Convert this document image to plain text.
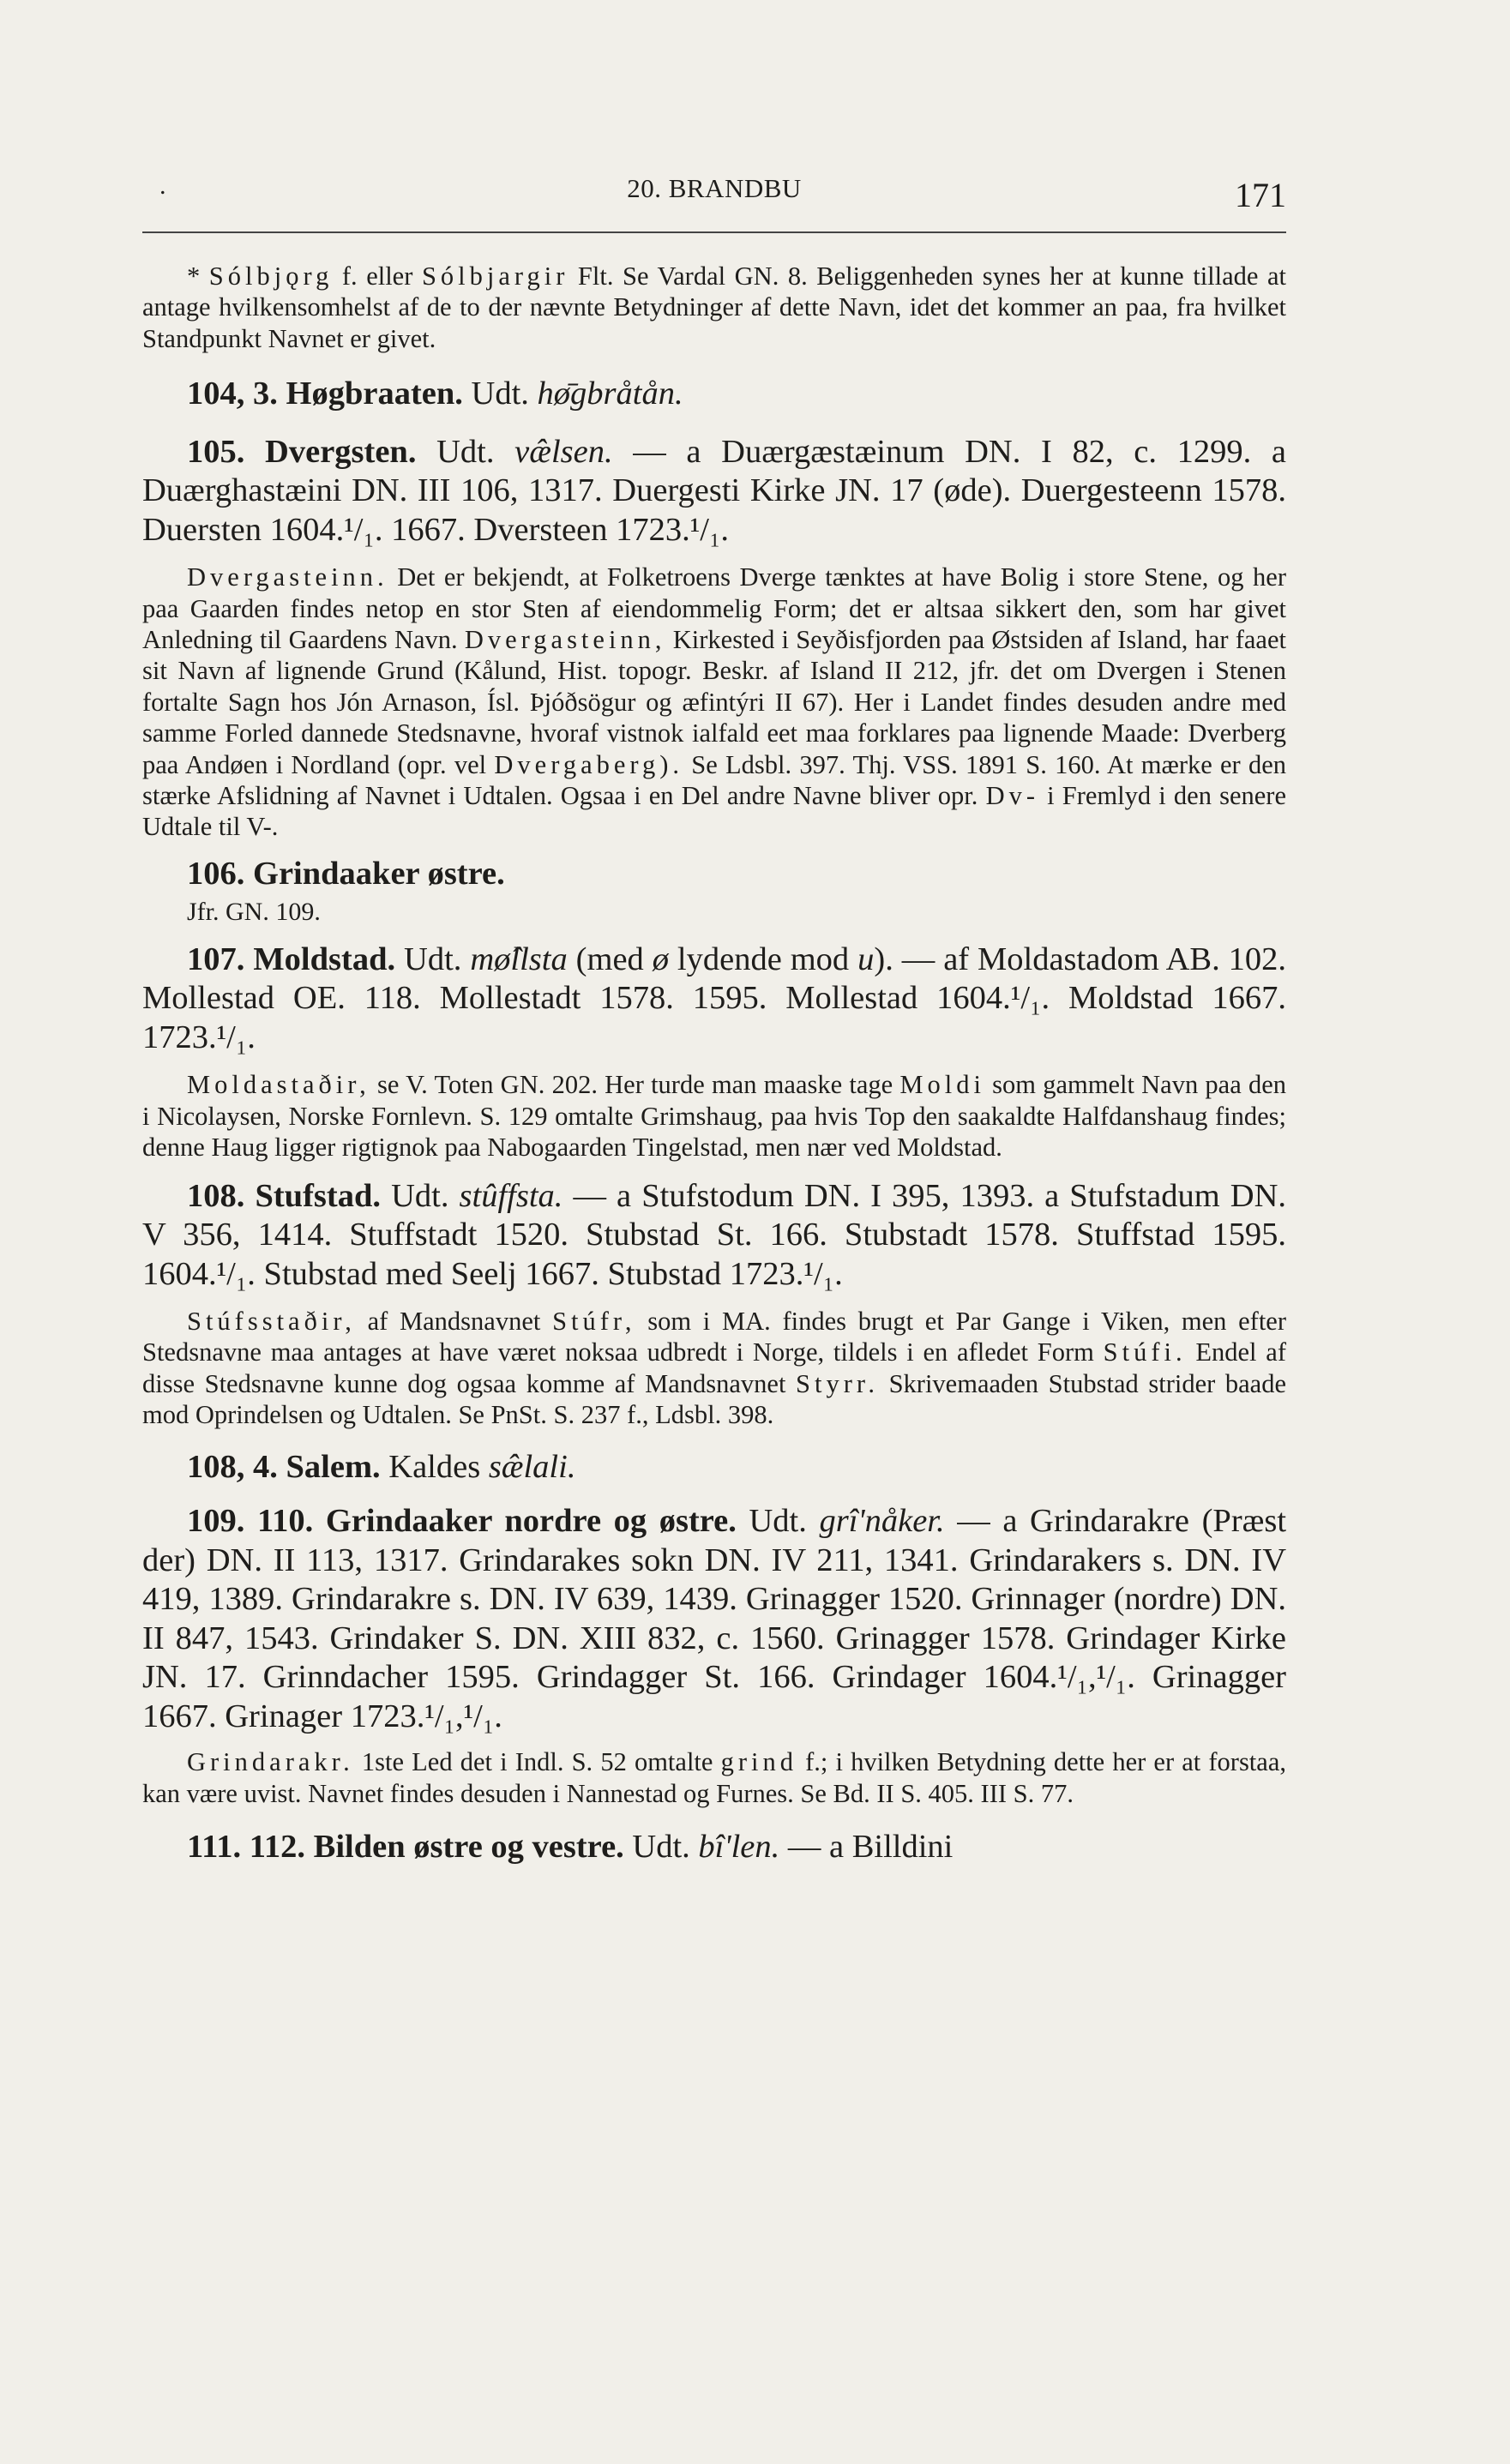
.	20. BRANDBU	171

* Sólbjǫrg f. eller Sólbjargir Flt. Se Vardal GN. 8. Beliggenheden synes her at kunne tillade at antage hvilkensomhelst af de to der nævnte Betydninger af dette Navn, idet det kommer an paa, fra hvilket Standpunkt Navnet er givet.

104, 3. Høgbraaten. Udt. hø̄gbråtån.

105. Dvergsten. Udt. væ̂lsen. — a Duærgæstæinum DN. I 82, c. 1299. a Duærghastæini DN. III 106, 1317. Duergesti Kirke JN. 17 (øde). Duergesteenn 1578. Duersten 1604.¹/₁. 1667. Dversteen 1723.¹/₁.

Dvergasteinn. Det er bekjendt, at Folketroens Dverge tænktes at have Bolig i store Stene, og her paa Gaarden findes netop en stor Sten af eiendommelig Form; det er altsaa sikkert den, som har givet Anledning til Gaardens Navn. Dvergasteinn, Kirkested i Seyðisfjorden paa Østsiden af Island, har faaet sit Navn af lignende Grund (Kålund, Hist. topogr. Beskr. af Island II 212, jfr. det om Dvergen i Stenen fortalte Sagn hos Jón Arnason, Ísl. Þjóðsögur og æfintýri II 67). Her i Landet findes desuden andre med samme Forled dannede Stedsnavne, hvoraf vistnok ialfald eet maa forklares paa lignende Maade: Dverberg paa Andøen i Nordland (opr. vel Dvergaberg). Se Ldsbl. 397. Thj. VSS. 1891 S. 160. At mærke er den stærke Afslidning af Navnet i Udtalen. Ogsaa i en Del andre Navne bliver opr. Dv- i Fremlyd i den senere Udtale til V-.

106. Grindaaker østre.

Jfr. GN. 109.

107. Moldstad. Udt. mø̂llsta (med ø lydende mod u). — af Moldastadom AB. 102. Mollestad OE. 118. Mollestadt 1578. 1595. Mollestad 1604.¹/₁. Moldstad 1667. 1723.¹/₁.

Moldastaðir, se V. Toten GN. 202. Her turde man maaske tage Moldi som gammelt Navn paa den i Nicolaysen, Norske Fornlevn. S. 129 omtalte Grimshaug, paa hvis Top den saakaldte Halfdanshaug findes; denne Haug ligger rigtignok paa Nabogaarden Tingelstad, men nær ved Moldstad.

108. Stufstad. Udt. stûffsta. — a Stufstodum DN. I 395, 1393. a Stufstadum DN. V 356, 1414. Stuffstadt 1520. Stubstad St. 166. Stubstadt 1578. Stuffstad 1595. 1604.¹/₁. Stubstad med Seelj 1667. Stubstad 1723.¹/₁.

Stúfsstaðir, af Mandsnavnet Stúfr, som i MA. findes brugt et Par Gange i Viken, men efter Stedsnavne maa antages at have været noksaa udbredt i Norge, tildels i en afledet Form Stúfi. Endel af disse Stedsnavne kunne dog ogsaa komme af Mandsnavnet Styrr. Skrivemaaden Stubstad strider baade mod Oprindelsen og Udtalen. Se PnSt. S. 237 f., Ldsbl. 398.

108, 4. Salem. Kaldes sæ̂lali.

109. 110. Grindaaker nordre og østre. Udt. grî'nåker. — a Grindarakre (Præst der) DN. II 113, 1317. Grindarakes sokn DN. IV 211, 1341. Grindarakers s. DN. IV 419, 1389. Grindarakre s. DN. IV 639, 1439. Grinagger 1520. Grinnager (nordre) DN. II 847, 1543. Grindaker S. DN. XIII 832, c. 1560. Grinagger 1578. Grindager Kirke JN. 17. Grinndacher 1595. Grindagger St. 166. Grindager 1604.¹/₁,¹/₁. Grinagger 1667. Grinager 1723.¹/₁,¹/₁.

Grindarakr. 1ste Led det i Indl. S. 52 omtalte grind f.; i hvilken Betydning dette her er at forstaa, kan være uvist. Navnet findes desuden i Nannestad og Furnes. Se Bd. II S. 405. III S. 77.

111. 112. Bilden østre og vestre. Udt. bî'len. — a Billdini
